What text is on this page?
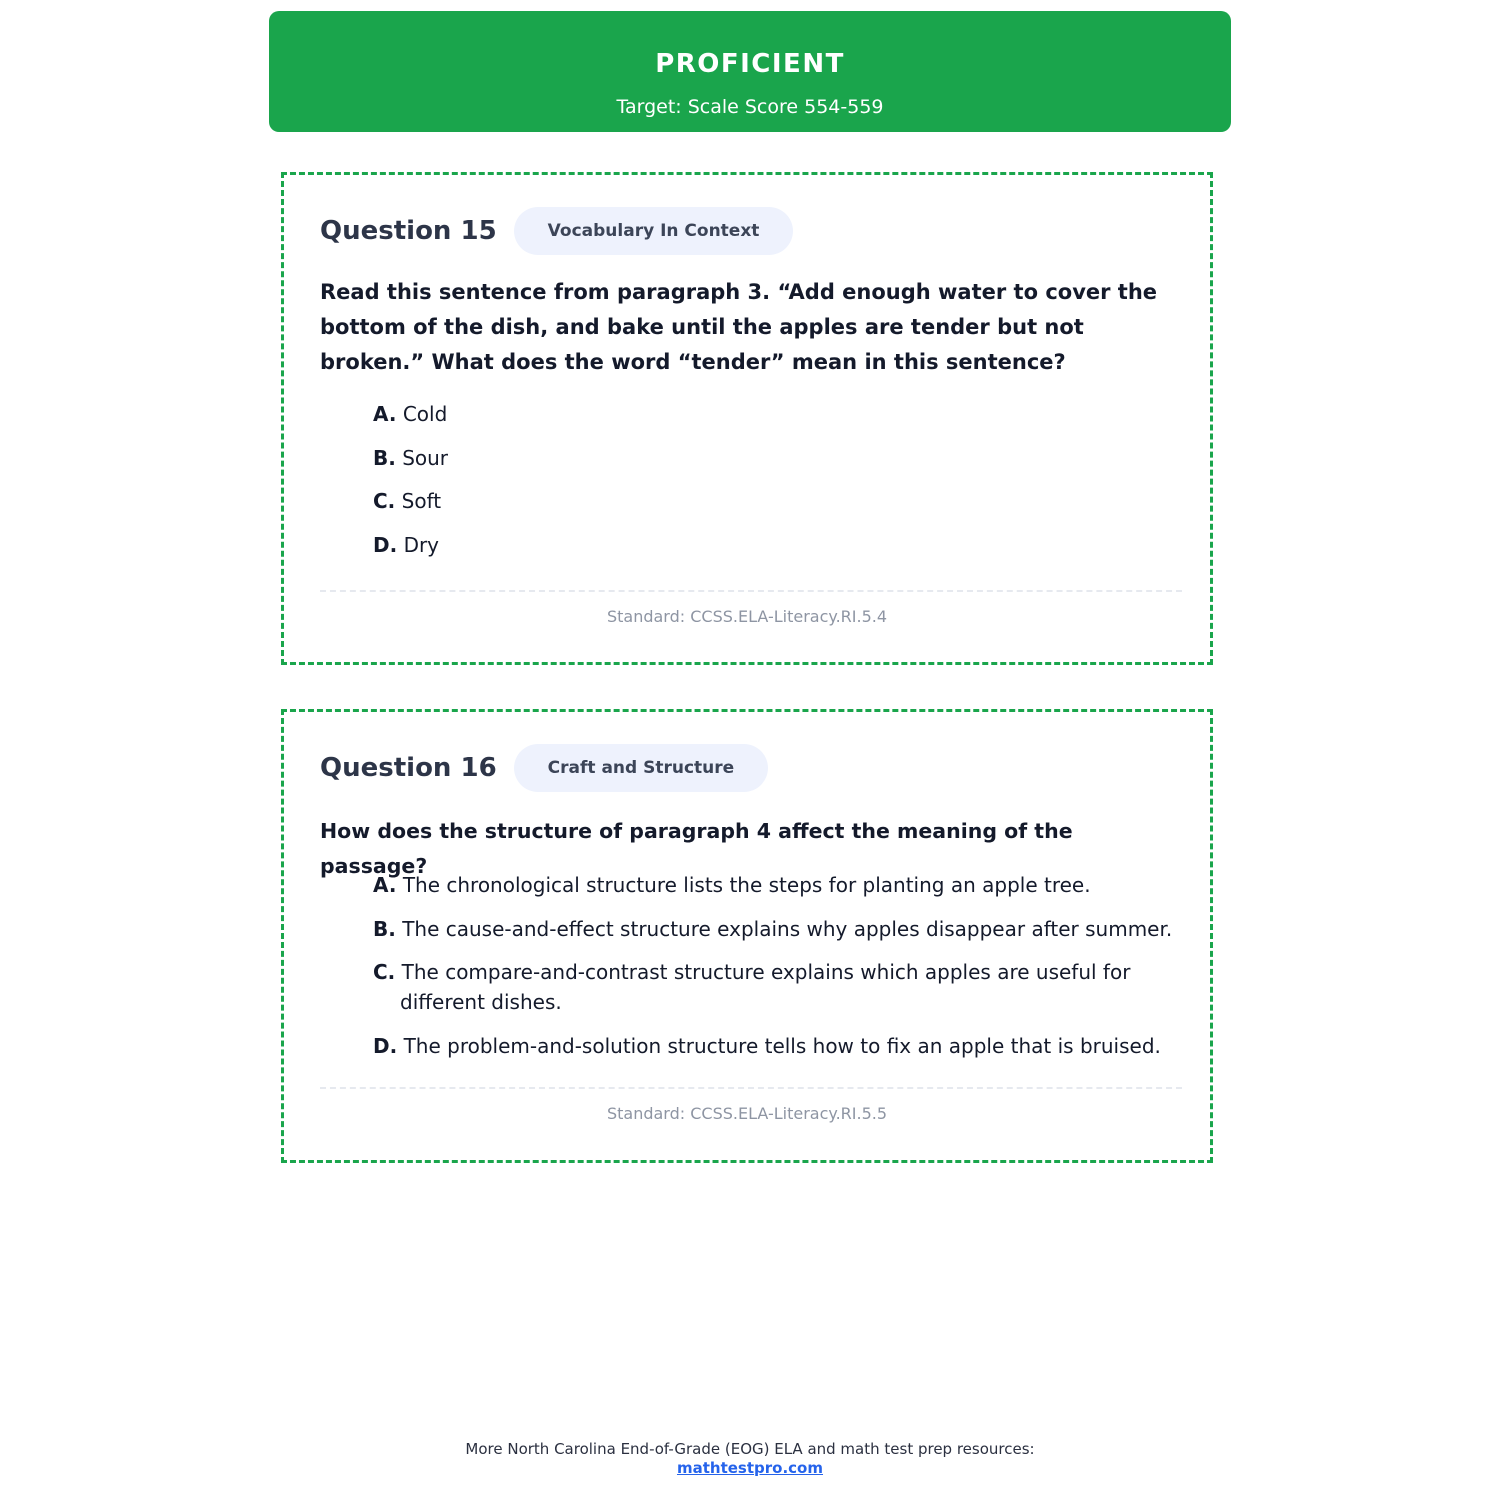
PROFICIENT
Target: Scale Score 554-559
Question 15	Vocabulary In Context
Read this sentence from paragraph 3. “Add enough water to cover the bottom of the dish, and bake until the apples are tender but not broken.” What does the word “tender” mean in this sentence?
A. Cold
B. Sour
C. Soft
D. Dry
Standard: CCSS.ELA-Literacy.RI.5.4
Question 16	Craft and Structure
How does the structure of paragraph 4 affect the meaning of the passage?
A. The chronological structure lists the steps for planting an apple tree.
B. The cause-and-effect structure explains why apples disappear after summer.
C. The compare-and-contrast structure explains which apples are useful for different dishes.
D. The problem-and-solution structure tells how to fix an apple that is bruised.
Standard: CCSS.ELA-Literacy.RI.5.5
More North Carolina End-of-Grade (EOG) ELA and math test prep resources:
mathtestpro.com
